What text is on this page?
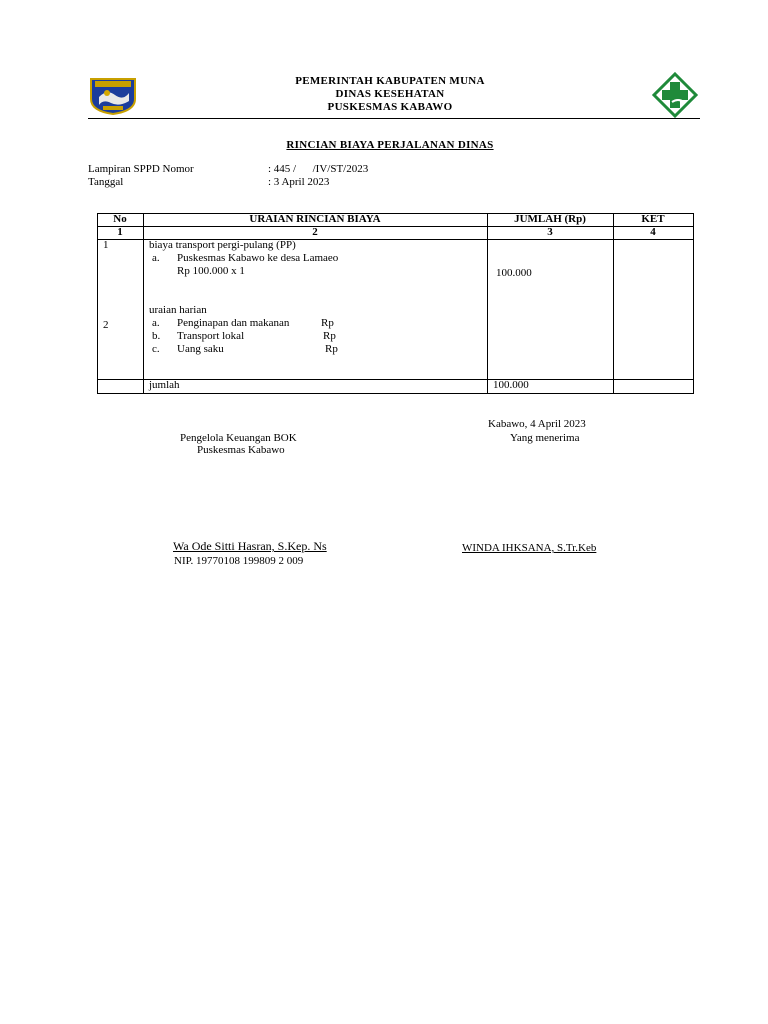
PEMERINTAH KABUPATEN MUNA
DINAS KESEHATAN
PUSKESMAS KABAWO
RINCIAN BIAYA PERJALANAN DINAS
Lampiran SPPD Nomor	: 445 /      /IV/ST/2023
Tanggal	: 3 April 2023
No	URAIAN RINCIAN BIAYA	JUMLAH (Rp)	KET
1	2	3	4
1	biaya transport pergi-pulang (PP)
a. Puskesmas Kabawo ke desa Lamaeo
Rp 100.000 x 1	100.000
uraian harian
2	a. Penginapan dan makanan	Rp
b. Transport lokal	Rp
c. Uang saku	Rp
jumlah	100.000
Kabawo, 4 April 2023
Pengelola Keuangan BOK	Yang menerima
Puskesmas Kabawo
Wa Ode Sitti Hasran, S.Kep. Ns
NIP. 19770108 199809 2 009
WINDA IHKSANA, S.Tr.Keb
